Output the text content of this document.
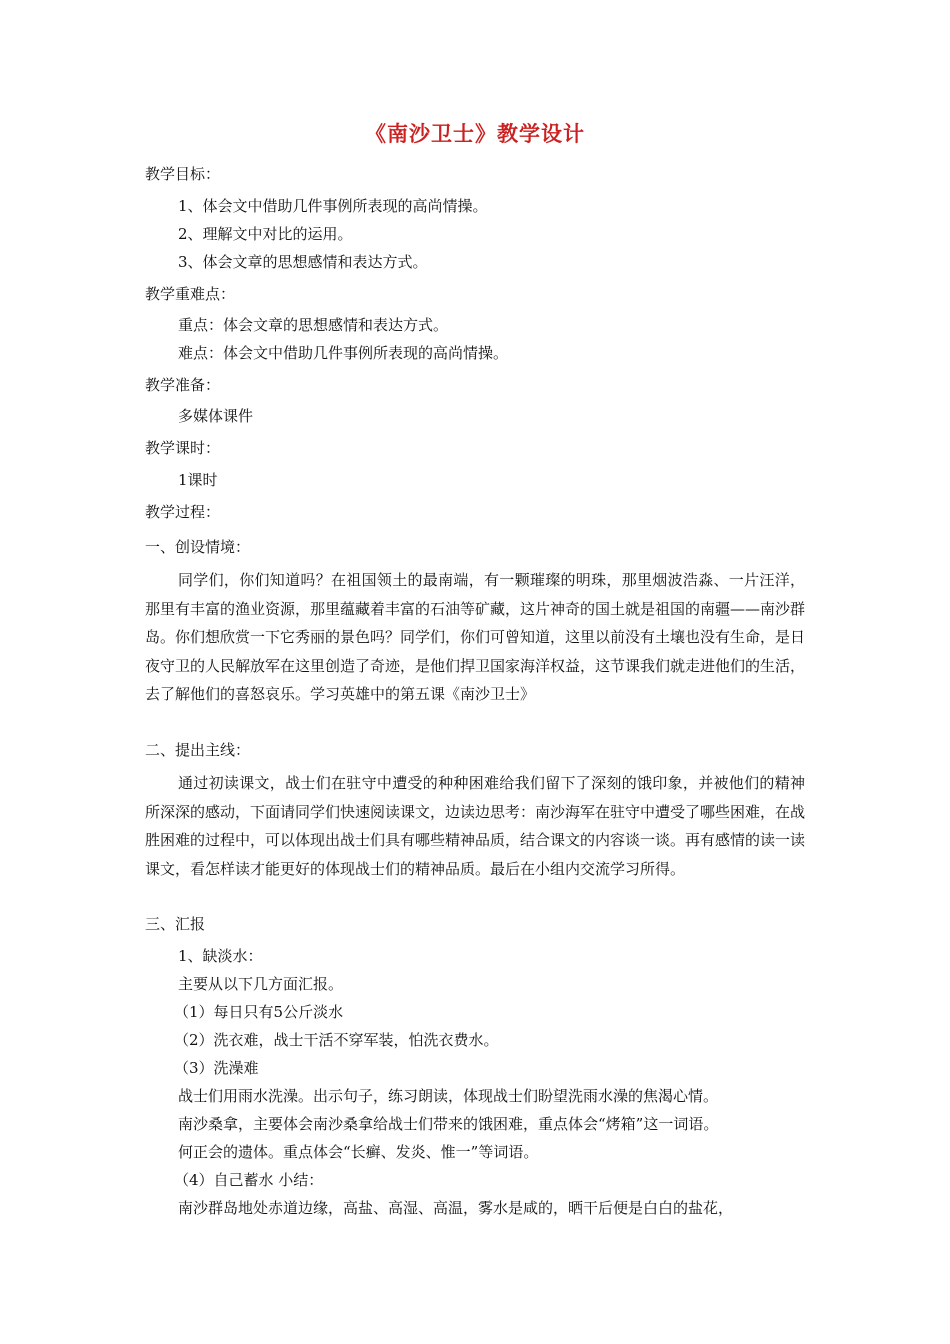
《南沙卫士》教学设计
教学目标：
1、体会文中借助几件事例所表现的高尚情操。
2、理解文中对比的运用。
3、体会文章的思想感情和表达方式。
教学重难点：
重点：体会文章的思想感情和表达方式。
难点：体会文中借助几件事例所表现的高尚情操。
教学准备：
多媒体课件
教学课时：
1课时
教学过程：
一、创设情境：
同学们，你们知道吗？在祖国领土的最南端，有一颗璀璨的明珠，那里烟波浩淼、一片汪洋，那里有丰富的渔业资源，那里蕴藏着丰富的石油等矿藏，这片神奇的国土就是祖国的南疆——南沙群岛。你们想欣赏一下它秀丽的景色吗？同学们，你们可曾知道，这里以前没有土壤也没有生命，是日夜守卫的人民解放军在这里创造了奇迹，是他们捍卫国家海洋权益，这节课我们就走进他们的生活，去了解他们的喜怒哀乐。学习英雄中的第五课《南沙卫士》
二、提出主线：
通过初读课文，战士们在驻守中遭受的种种困难给我们留下了深刻的饿印象，并被他们的精神所深深的感动，下面请同学们快速阅读课文，边读边思考：南沙海军在驻守中遭受了哪些困难，在战胜困难的过程中，可以体现出战士们具有哪些精神品质，结合课文的内容谈一谈。再有感情的读一读课文，看怎样读才能更好的体现战士们的精神品质。最后在小组内交流学习所得。
三、汇报
1、缺淡水：
主要从以下几方面汇报。
（1）每日只有5公斤淡水
（2）洗衣难，战士干活不穿军装，怕洗衣费水。
（3）洗澡难
战士们用雨水洗澡。出示句子，练习朗读，体现战士们盼望洗雨水澡的焦渴心情。
南沙桑拿，主要体会南沙桑拿给战士们带来的饿困难，重点体会“烤箱”这一词语。
何正会的遗体。重点体会“长癣、发炎、惟一”等词语。
（4）自己蓄水 小结：
南沙群岛地处赤道边缘，高盐、高湿、高温，雾水是咸的，晒干后便是白白的盐花，
